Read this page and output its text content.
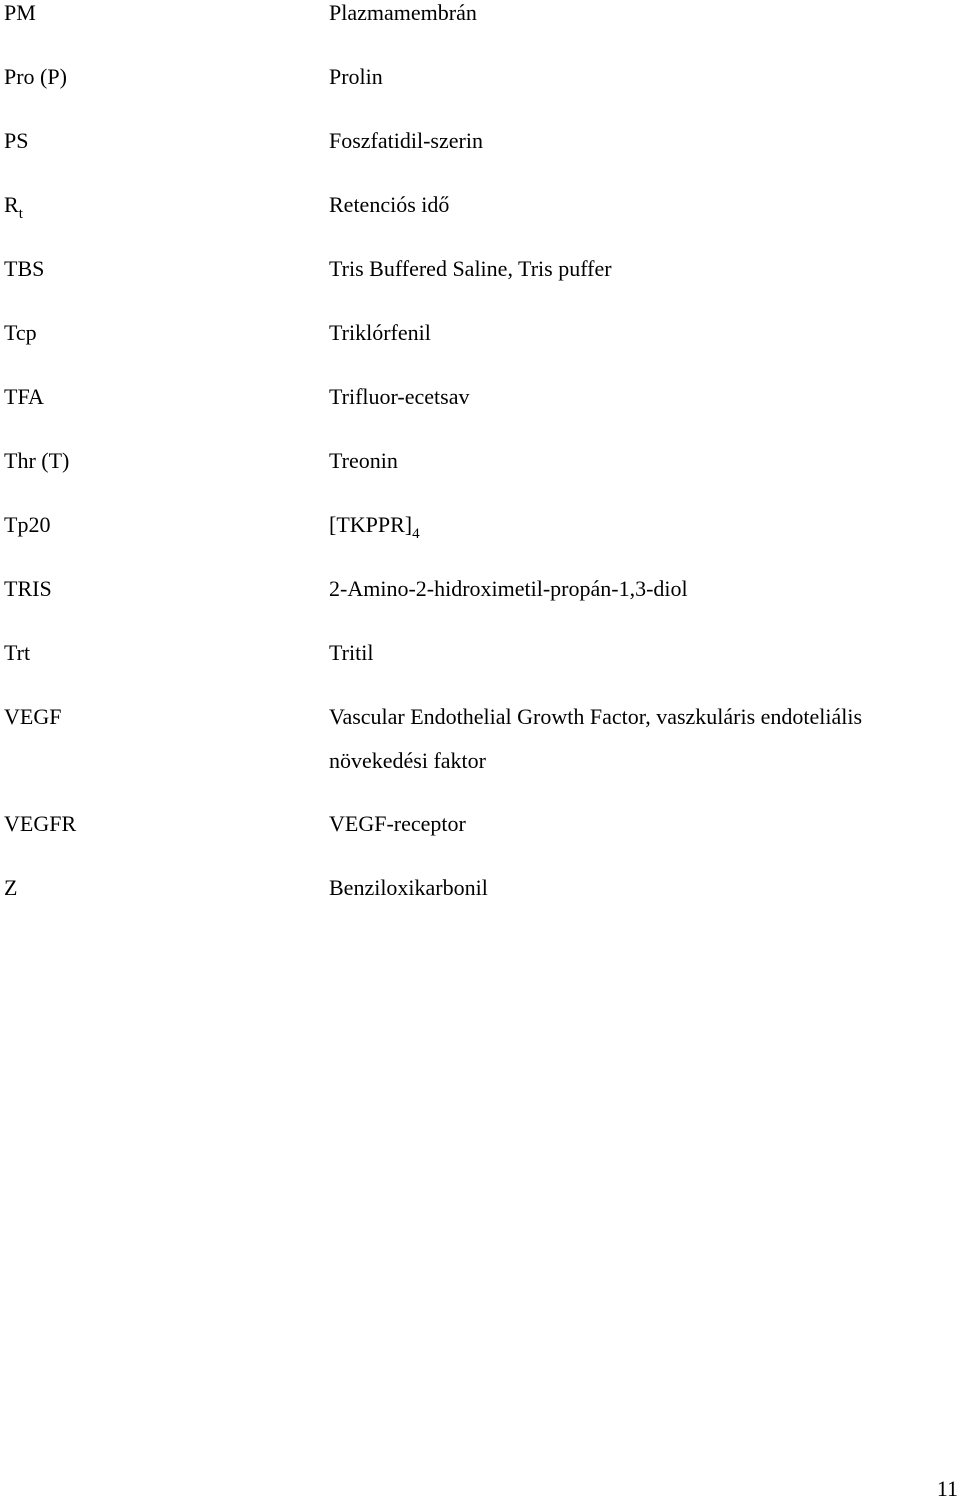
PM	Plazmamembrán
Pro (P)	Prolin
PS	Foszfatidil-szerin
$R_t$	Retenciós idő
TBS	Tris Buffered Saline, Tris puffer
Tcp	Triklórfenil
TFA	Trifluor-ecetsav
Thr (T)	Treonin
Tp20	$[TKPPR]_4$
TRIS	2-Amino-2-hidroximetil-propán-1,3-diol
Trt	Tritil
VEGF	Vascular Endothelial Growth Factor, vaszkuláris endoteliális növekedési faktor
VEGFR	VEGF-receptor
Z	Benziloxikarbonil
11
